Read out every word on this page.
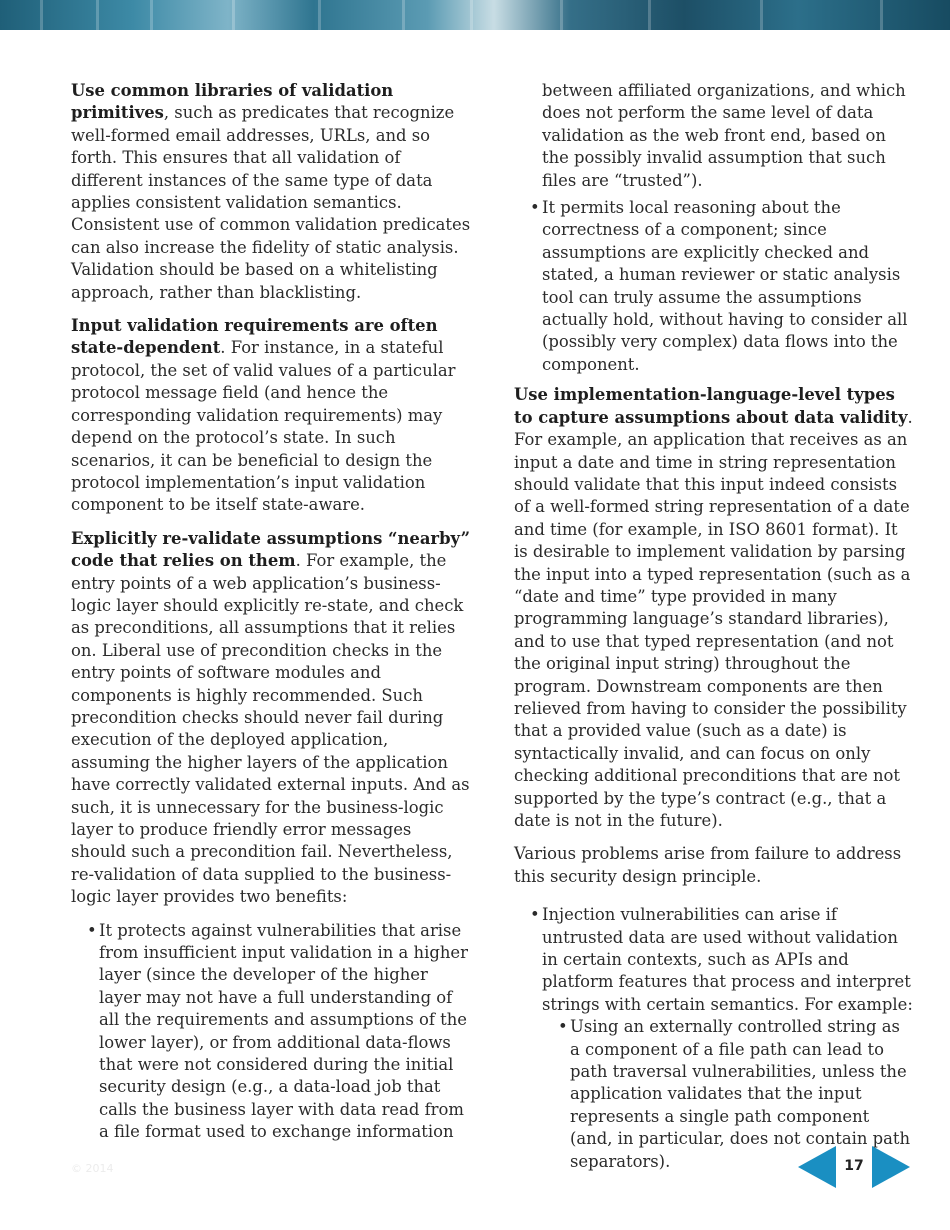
Use common libraries of validation primitives, such as predicates that recognize well-formed email addresses, URLs, and so forth. This ensures that all validation of different instances of the same type of data applies consistent validation semantics. Consistent use of common validation predicates can also increase the fidelity of static analysis. Validation should be based on a whitelisting approach, rather than blacklisting.

Input validation requirements are often state-dependent. For instance, in a stateful protocol, the set of valid values of a particular protocol message field (and hence the corresponding validation requirements) may depend on the protocol’s state. In such scenarios, it can be beneficial to design the protocol implementation’s input validation component to be itself state-aware.

Explicitly re-validate assumptions “nearby” code that relies on them. For example, the entry points of a web application’s business-logic layer should explicitly re-state, and check as preconditions, all assumptions that it relies on. Liberal use of precondition checks in the entry points of software modules and components is highly recommended. Such precondition checks should never fail during execution of the deployed application, assuming the higher layers of the application have correctly validated external inputs. And as such, it is unnecessary for the business-logic layer to produce friendly error messages should such a precondition fail. Nevertheless, re-validation of data supplied to the business-logic layer provides two benefits:

• It protects against vulnerabilities that arise from insufficient input validation in a higher layer (since the developer of the higher layer may not have a full understanding of all the requirements and assumptions of the lower layer), or from additional data-flows that were not considered during the initial security design (e.g., a data-load job that calls the business layer with data read from a file format used to exchange information
between affiliated organizations, and which does not perform the same level of data validation as the web front end, based on the possibly invalid assumption that such files are “trusted”).
• It permits local reasoning about the correctness of a component; since assumptions are explicitly checked and stated, a human reviewer or static analysis tool can truly assume the assumptions actually hold, without having to consider all (possibly very complex) data flows into the component.

Use implementation-language-level types to capture assumptions about data validity. For example, an application that receives as an input a date and time in string representation should validate that this input indeed consists of a well-formed string representation of a date and time (for example, in ISO 8601 format). It is desirable to implement validation by parsing the input into a typed representation (such as a “date and time” type provided in many programming language’s standard libraries), and to use that typed representation (and not the original input string) throughout the program. Downstream components are then relieved from having to consider the possibility that a provided value (such as a date) is syntactically invalid, and can focus on only checking additional preconditions that are not supported by the type’s contract (e.g., that a date is not in the future).

Various problems arise from failure to address this security design principle.

• Injection vulnerabilities can arise if untrusted data are used without validation in certain contexts, such as APIs and platform features that process and interpret strings with certain semantics. For example:
• Using an externally controlled string as a component of a file path can lead to path traversal vulnerabilities, unless the application validates that the input represents a single path component (and, in particular, does not contain path separators).
© 2014	17
